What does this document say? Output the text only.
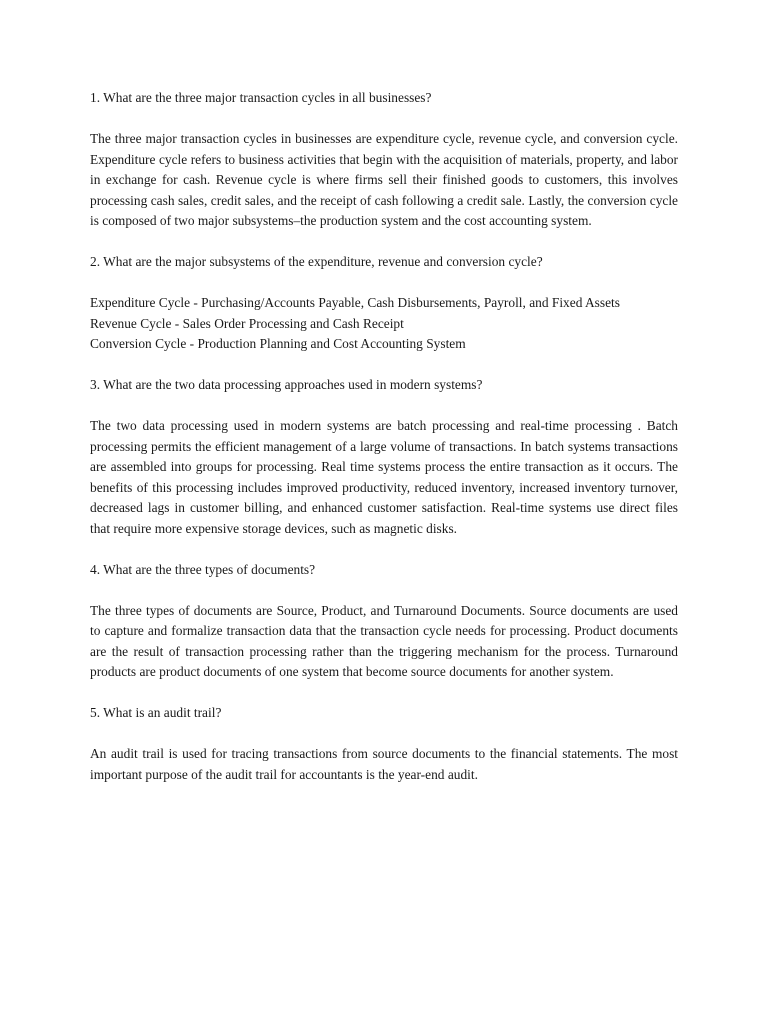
1. What are the three major transaction cycles in all businesses?

The three major transaction cycles in businesses are expenditure cycle, revenue cycle, and conversion cycle. Expenditure cycle refers to business activities that begin with the acquisition of materials, property, and labor in exchange for cash. Revenue cycle is where firms sell their finished goods to customers, this involves processing cash sales, credit sales, and the receipt of cash following a credit sale. Lastly, the conversion cycle is composed of two major subsystems–the production system and the cost accounting system.

2. What are the major subsystems of the expenditure, revenue and conversion cycle?

Expenditure Cycle - Purchasing/Accounts Payable, Cash Disbursements, Payroll, and Fixed Assets
Revenue Cycle - Sales Order Processing and Cash Receipt
Conversion Cycle - Production Planning and Cost Accounting System

3. What are the two data processing approaches used in modern systems?

The two data processing used in modern systems are batch processing and real-time processing . Batch processing permits the efficient management of a large volume of transactions. In batch systems transactions are assembled into groups for processing. Real time systems process the entire transaction as it occurs. The benefits of this processing includes improved productivity, reduced inventory, increased inventory turnover, decreased lags in customer billing, and enhanced customer satisfaction. Real-time systems use direct files that require more expensive storage devices, such as magnetic disks.

4. What are the three types of documents?

The three types of documents are Source, Product, and Turnaround Documents. Source documents are used to capture and formalize transaction data that the transaction cycle needs for processing. Product documents are the result of transaction processing rather than the triggering mechanism for the process. Turnaround products are product documents of one system that become source documents for another system.

5. What is an audit trail?

An audit trail is used for tracing transactions from source documents to the financial statements. The most important purpose of the audit trail for accountants is the year-end audit.
